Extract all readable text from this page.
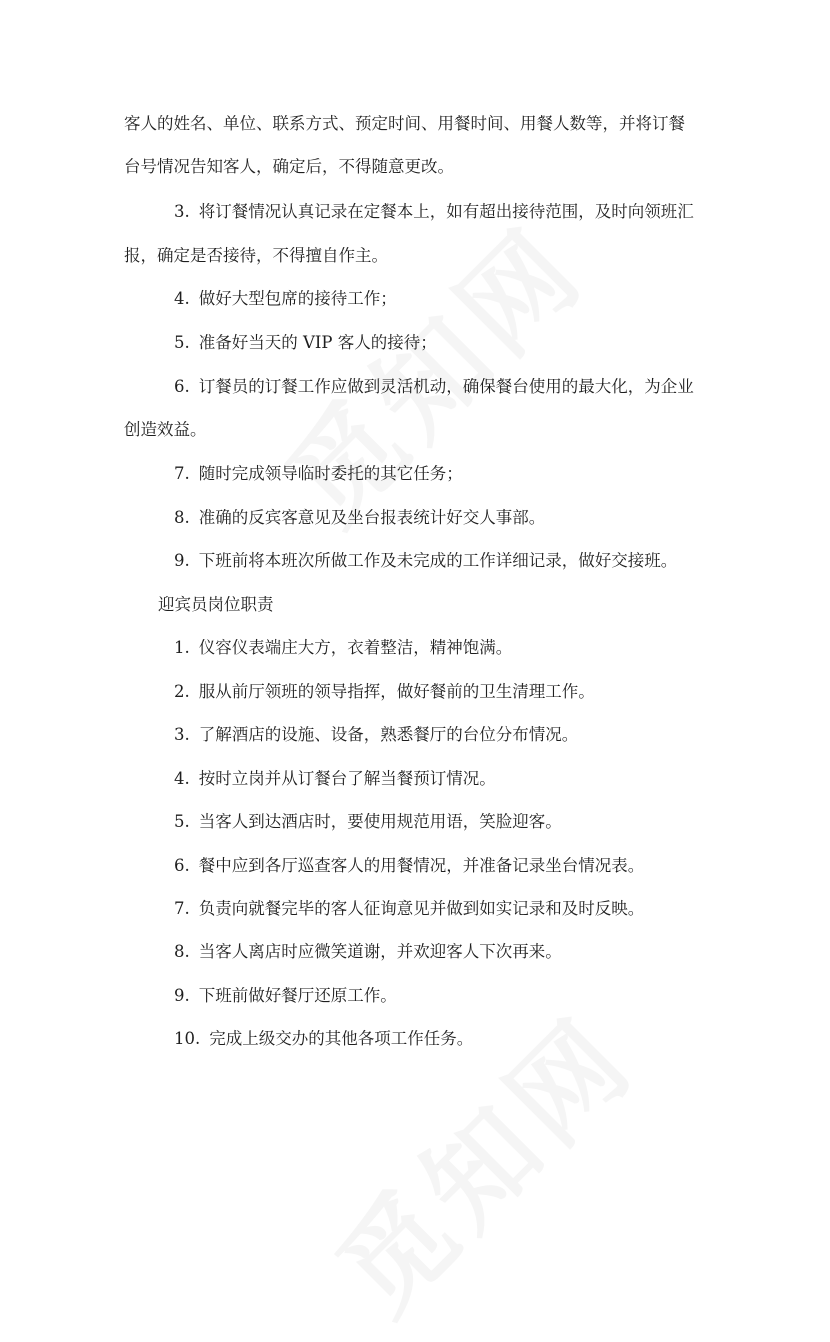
客人的姓名、单位、联系方式、预定时间、用餐时间、用餐人数等，并将订餐
台号情况告知客人，确定后，不得随意更改。
3. 将订餐情况认真记录在定餐本上，如有超出接待范围，及时向领班汇
报，确定是否接待，不得擅自作主。
4. 做好大型包席的接待工作；
5. 准备好当天的 VIP 客人的接待；
6. 订餐员的订餐工作应做到灵活机动，确保餐台使用的最大化，为企业
创造效益。
7. 随时完成领导临时委托的其它任务；
8. 准确的反宾客意见及坐台报表统计好交人事部。
9. 下班前将本班次所做工作及未完成的工作详细记录，做好交接班。
迎宾员岗位职责
1. 仪容仪表端庄大方，衣着整洁，精神饱满。
2. 服从前厅领班的领导指挥，做好餐前的卫生清理工作。
3. 了解酒店的设施、设备，熟悉餐厅的台位分布情况。
4. 按时立岗并从订餐台了解当餐预订情况。
5. 当客人到达酒店时，要使用规范用语，笑脸迎客。
6. 餐中应到各厅巡查客人的用餐情况，并准备记录坐台情况表。
7. 负责向就餐完毕的客人征询意见并做到如实记录和及时反映。
8. 当客人离店时应微笑道谢，并欢迎客人下次再来。
9. 下班前做好餐厅还原工作。
10. 完成上级交办的其他各项工作任务。
